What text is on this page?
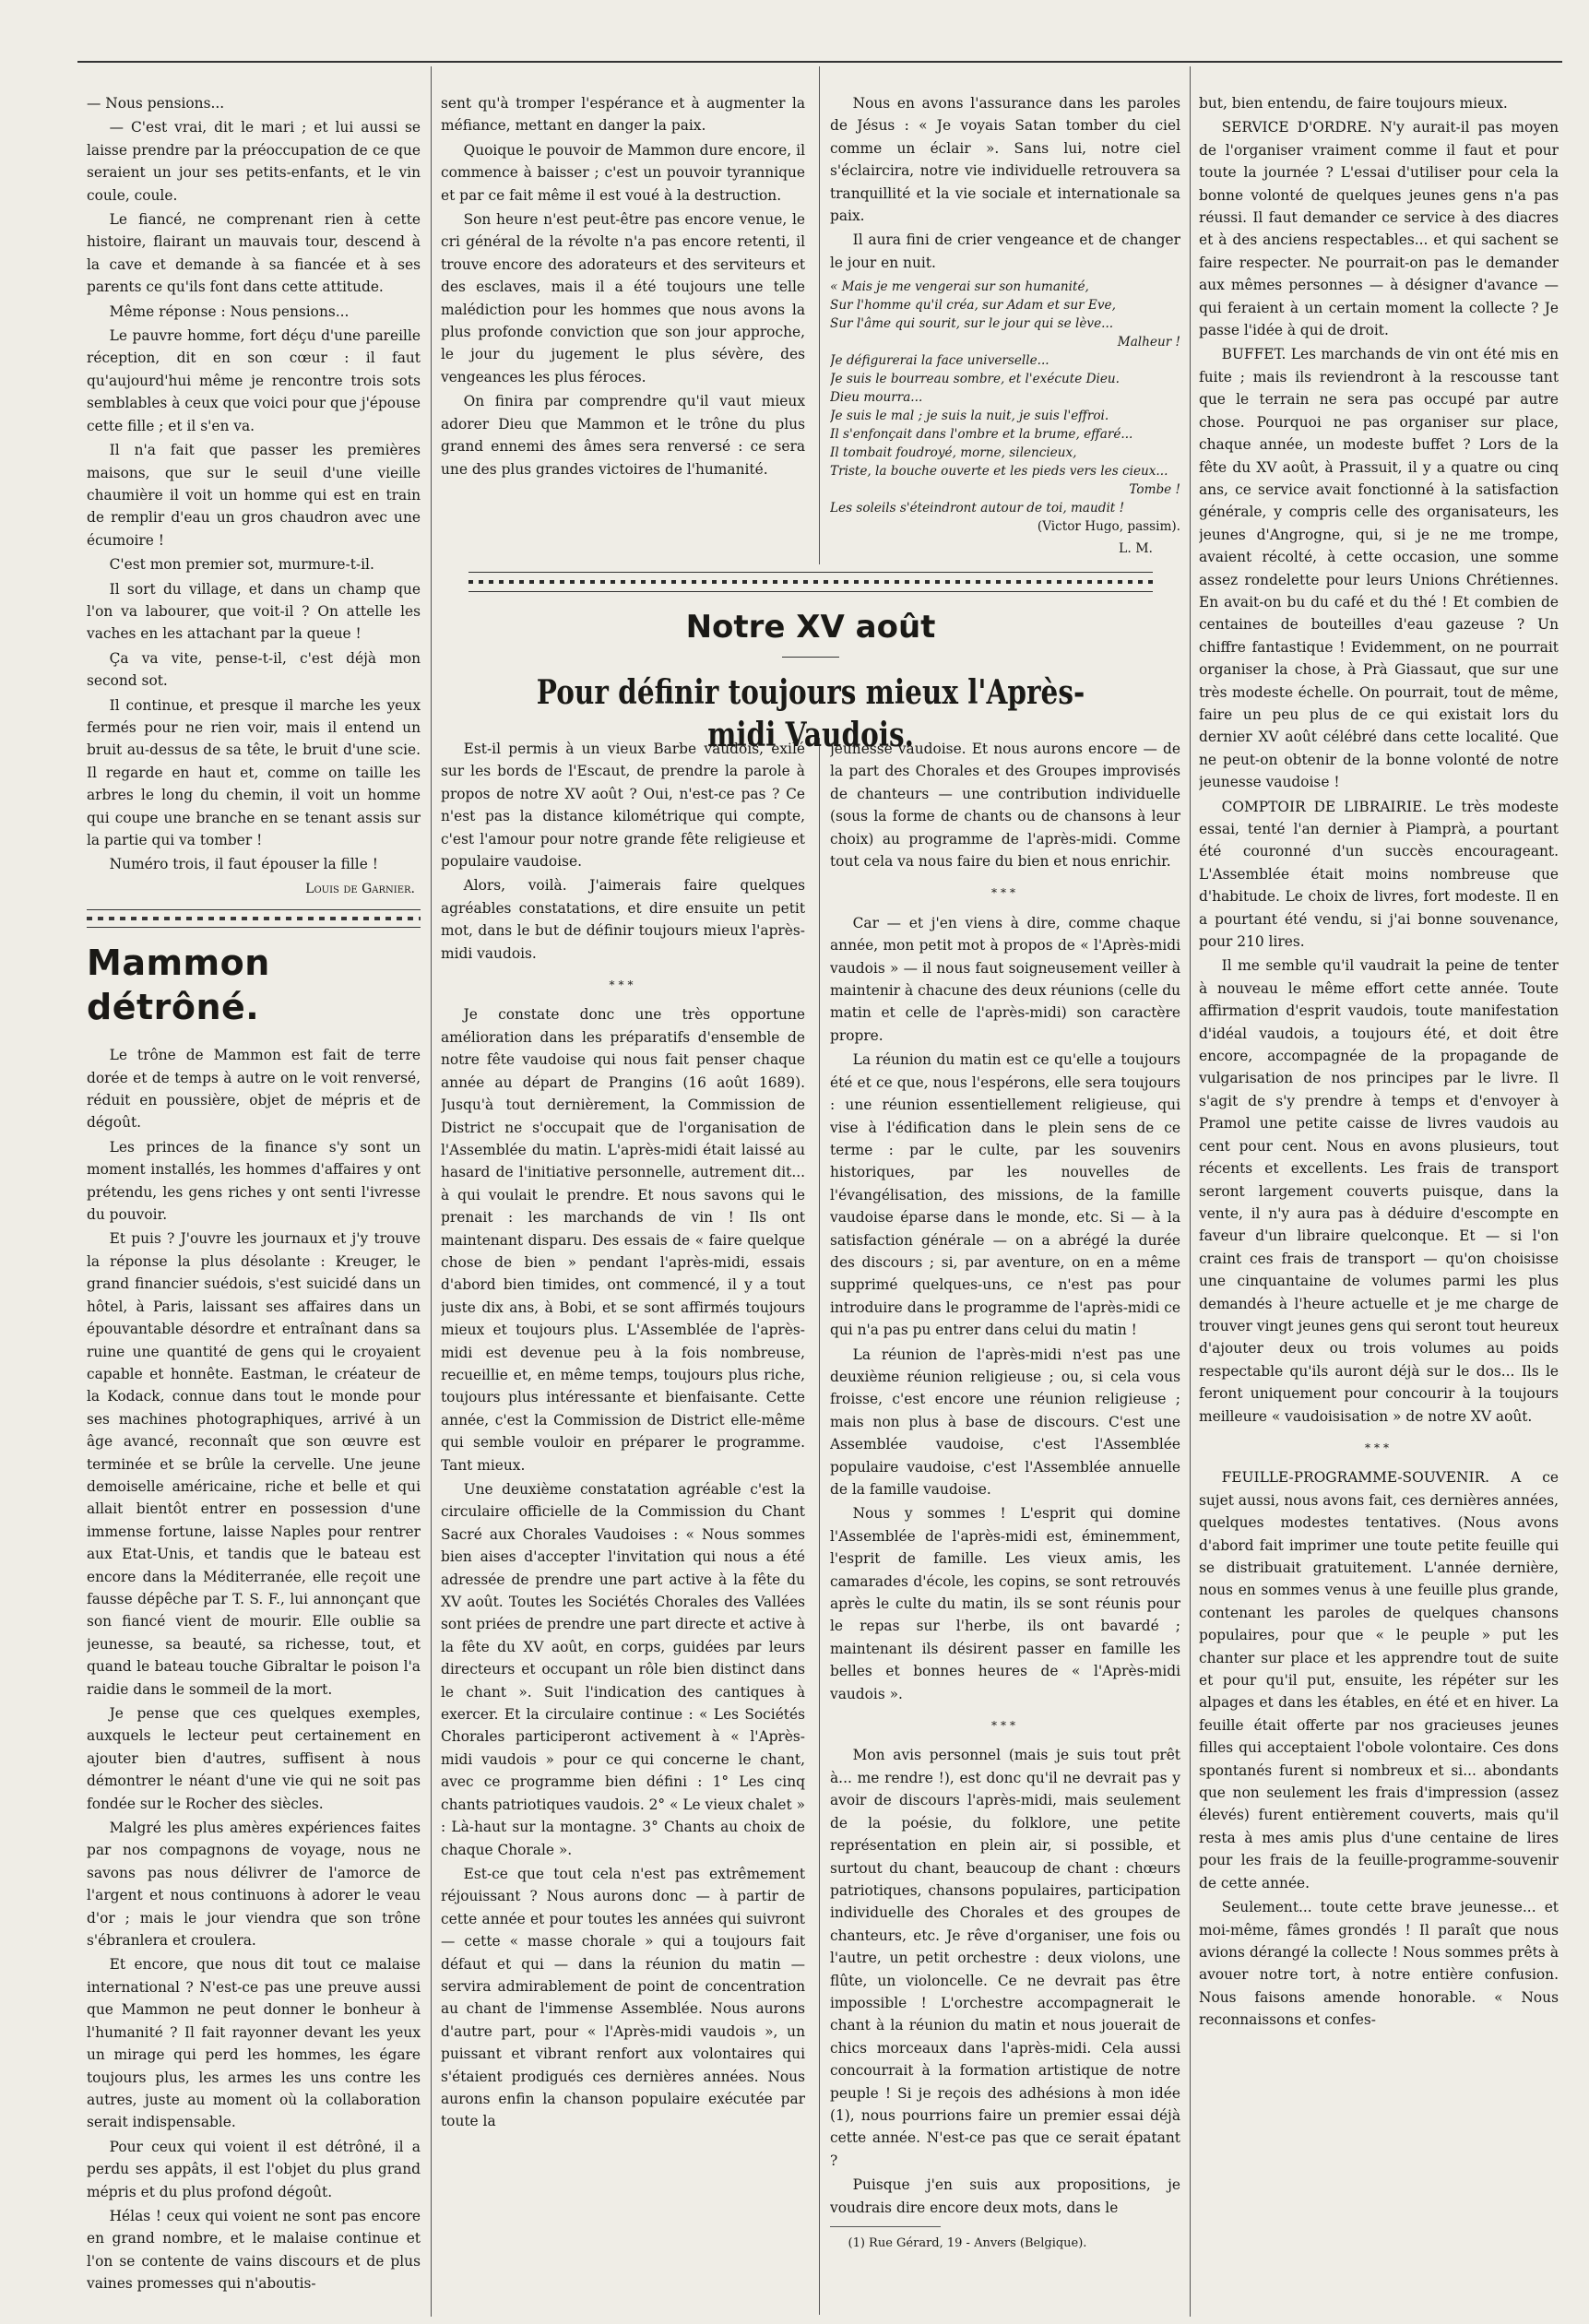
— Nous pensions...

— C'est vrai, dit le mari ; et lui aussi se laisse prendre par la préoccupation de ce que seraient un jour ses petits-enfants, et le vin coule, coule.

Le fiancé, ne comprenant rien à cette histoire, flairant un mauvais tour, descend à la cave et demande à sa fiancée et à ses parents ce qu'ils font dans cette attitude.

Même réponse : Nous pensions...

Le pauvre homme, fort déçu d'une pareille réception, dit en son cœur : il faut qu'aujourd'hui même je rencontre trois sots semblables à ceux que voici pour que j'épouse cette fille ; et il s'en va.

Il n'a fait que passer les premières maisons, que sur le seuil d'une vieille chaumière il voit un homme qui est en train de remplir d'eau un gros chaudron avec une écumoire !

C'est mon premier sot, murmure-t-il.

Il sort du village, et dans un champ que l'on va labourer, que voit-il ? On attelle les vaches en les attachant par la queue !

Ça va vite, pense-t-il, c'est déjà mon second sot.

Il continue, et presque il marche les yeux fermés pour ne rien voir, mais il entend un bruit au-dessus de sa tête, le bruit d'une scie. Il regarde en haut et, comme on taille les arbres le long du chemin, il voit un homme qui coupe une branche en se tenant assis sur la partie qui va tomber !

Numéro trois, il faut épouser la fille !

Louis de Garnier.
Mammon détrôné.

Le trône de Mammon est fait de terre dorée et de temps à autre on le voit renversé, réduit en poussière, objet de mépris et de dégoût.

Les princes de la finance s'y sont un moment installés, les hommes d'affaires y ont prétendu, les gens riches y ont senti l'ivresse du pouvoir.

Et puis ? J'ouvre les journaux et j'y trouve la réponse la plus désolante : Kreuger, le grand financier suédois, s'est suicidé dans un hôtel, à Paris, laissant ses affaires dans un épouvantable désordre et entraînant dans sa ruine une quantité de gens qui le croyaient capable et honnête. Eastman, le créateur de la Kodack, connue dans tout le monde pour ses machines photographiques, arrivé à un âge avancé, reconnaît que son œuvre est terminée et se brûle la cervelle. Une jeune demoiselle américaine, riche et belle et qui allait bientôt entrer en possession d'une immense fortune, laisse Naples pour rentrer aux Etat-Unis, et tandis que le bateau est encore dans la Méditerranée, elle reçoit une fausse dépêche par T. S. F., lui annonçant que son fiancé vient de mourir. Elle oublie sa jeunesse, sa beauté, sa richesse, tout, et quand le bateau touche Gibraltar le poison l'a raidie dans le sommeil de la mort.

Je pense que ces quelques exemples, auxquels le lecteur peut certainement en ajouter bien d'autres, suffisent à nous démontrer le néant d'une vie qui ne soit pas fondée sur le Rocher des siècles.

Malgré les plus amères expériences faites par nos compagnons de voyage, nous ne savons pas nous délivrer de l'amorce de l'argent et nous continuons à adorer le veau d'or ; mais le jour viendra que son trône s'ébranlera et croulera.

Et encore, que nous dit tout ce malaise international ? N'est-ce pas une preuve aussi que Mammon ne peut donner le bonheur à l'humanité ? Il fait rayonner devant les yeux un mirage qui perd les hommes, les égare toujours plus, les armes les uns contre les autres, juste au moment où la collaboration serait indispensable.

Pour ceux qui voient il est détrôné, il a perdu ses appâts, il est l'objet du plus grand mépris et du plus profond dégoût.

Hélas ! ceux qui voient ne sont pas encore en grand nombre, et le malaise continue et l'on se contente de vains discours et de plus vaines promesses qui n'aboutis-

sent qu'à tromper l'espérance et à augmenter la méfiance, mettant en danger la paix.

Quoique le pouvoir de Mammon dure encore, il commence à baisser ; c'est un pouvoir tyrannique et par ce fait même il est voué à la destruction.

Son heure n'est peut-être pas encore venue, le cri général de la révolte n'a pas encore retenti, il trouve encore des adorateurs et des serviteurs et des esclaves, mais il a été toujours une telle malédiction pour les hommes que nous avons la plus profonde conviction que son jour approche, le jour du jugement le plus sévère, des vengeances les plus féroces.

On finira par comprendre qu'il vaut mieux adorer Dieu que Mammon et le trône du plus grand ennemi des âmes sera renversé : ce sera une des plus grandes victoires de l'humanité.

Nous en avons l'assurance dans les paroles de Jésus : « Je voyais Satan tomber du ciel comme un éclair ». Sans lui, notre ciel s'éclaircira, notre vie individuelle retrouvera sa tranquillité et la vie sociale et internationale sa paix.

Il aura fini de crier vengeance et de changer le jour en nuit.

« Mais je me vengerai sur son humanité,
Sur l'homme qu'il créa, sur Adam et sur Eve,
Sur l'âme qui sourit, sur le jour qui se lève...
Malheur !
Je défigurerai la face universelle...
Je suis le bourreau sombre, et l'exécute Dieu.
Dieu mourra...
Je suis le mal ; je suis la nuit, je suis l'effroi.
Il s'enfonçait dans l'ombre et la brume, effaré...
Il tombait foudroyé, morne, silencieux,
Triste, la bouche ouverte et les pieds vers les cieux...
Tombe !
Les soleils s'éteindront autour de toi, maudit !
(Victor Hugo, passim).
L. M.
Notre XV août
Pour définir toujours mieux l'Après-midi Vaudois.

Est-il permis à un vieux Barbe vaudois, exilé sur les bords de l'Escaut, de prendre la parole à propos de notre XV août ? Oui, n'est-ce pas ? Ce n'est pas la distance kilométrique qui compte, c'est l'amour pour notre grande fête religieuse et populaire vaudoise.

Alors, voilà. J'aimerais faire quelques agréables constatations, et dire ensuite un petit mot, dans le but de définir toujours mieux l'après-midi vaudois.

***

Je constate donc une très opportune amélioration dans les préparatifs d'ensemble de notre fête vaudoise qui nous fait penser chaque année au départ de Prangins (16 août 1689). Jusqu'à tout dernièrement, la Commission de District ne s'occupait que de l'organisation de l'Assemblée du matin. L'après-midi était laissé au hasard de l'initiative personnelle, autrement dit... à qui voulait le prendre. Et nous savons qui le prenait : les marchands de vin ! Ils ont maintenant disparu. Des essais de « faire quelque chose de bien » pendant l'après-midi, essais d'abord bien timides, ont commencé, il y a tout juste dix ans, à Bobi, et se sont affirmés toujours mieux et toujours plus. L'Assemblée de l'après-midi est devenue peu à la fois nombreuse, recueillie et, en même temps, toujours plus riche, toujours plus intéressante et bienfaisante. Cette année, c'est la Commission de District elle-même qui semble vouloir en préparer le programme. Tant mieux.

Une deuxième constatation agréable c'est la circulaire officielle de la Commission du Chant Sacré aux Chorales Vaudoises : « Nous sommes bien aises d'accepter l'invitation qui nous a été adressée de prendre une part active à la fête du XV août. Toutes les Sociétés Chorales des Vallées sont priées de prendre une part directe et active à la fête du XV août, en corps, guidées par leurs directeurs et occupant un rôle bien distinct dans le chant ». Suit l'indication des cantiques à exercer. Et la circulaire continue : « Les Sociétés Chorales participeront activement à « l'Après-midi vaudois » pour ce qui concerne le chant, avec ce programme bien défini : 1° Les cinq chants patriotiques vaudois. 2° « Le vieux chalet » : Là-haut sur la montagne. 3° Chants au choix de chaque Chorale ».

Est-ce que tout cela n'est pas extrêmement réjouissant ? Nous aurons donc — à partir de cette année et pour toutes les années qui suivront — cette « masse chorale » qui a toujours fait défaut et qui — dans la réunion du matin — servira admirablement de point de concentration au chant de l'immense Assemblée. Nous aurons d'autre part, pour « l'Après-midi vaudois », un puissant et vibrant renfort aux volontaires qui s'étaient prodigués ces dernières années. Nous aurons enfin la chanson populaire exécutée par toute la

jeunesse vaudoise. Et nous aurons encore — de la part des Chorales et des Groupes improvisés de chanteurs — une contribution individuelle (sous la forme de chants ou de chansons à leur choix) au programme de l'après-midi. Comme tout cela va nous faire du bien et nous enrichir.

***

Car — et j'en viens à dire, comme chaque année, mon petit mot à propos de « l'Après-midi vaudois » — il nous faut soigneusement veiller à maintenir à chacune des deux réunions (celle du matin et celle de l'après-midi) son caractère propre.

La réunion du matin est ce qu'elle a toujours été et ce que, nous l'espérons, elle sera toujours : une réunion essentiellement religieuse, qui vise à l'édification dans le plein sens de ce terme : par le culte, par les souvenirs historiques, par les nouvelles de l'évangélisation, des missions, de la famille vaudoise éparse dans le monde, etc. Si — à la satisfaction générale — on a abrégé la durée des discours ; si, par aventure, on en a même supprimé quelques-uns, ce n'est pas pour introduire dans le programme de l'après-midi ce qui n'a pas pu entrer dans celui du matin !

La réunion de l'après-midi n'est pas une deuxième réunion religieuse ; ou, si cela vous froisse, c'est encore une réunion religieuse ; mais non plus à base de discours. C'est une Assemblée vaudoise, c'est l'Assemblée populaire vaudoise, c'est l'Assemblée annuelle de la famille vaudoise.

Nous y sommes ! L'esprit qui domine l'Assemblée de l'après-midi est, éminemment, l'esprit de famille. Les vieux amis, les camarades d'école, les copins, se sont retrouvés après le culte du matin, ils se sont réunis pour le repas sur l'herbe, ils ont bavardé ; maintenant ils désirent passer en famille les belles et bonnes heures de « l'Après-midi vaudois ».

***

Mon avis personnel (mais je suis tout prêt à... me rendre !), est donc qu'il ne devrait pas y avoir de discours l'après-midi, mais seulement de la poésie, du folklore, une petite représentation en plein air, si possible, et surtout du chant, beaucoup de chant : chœurs patriotiques, chansons populaires, participation individuelle des Chorales et des groupes de chanteurs, etc. Je rêve d'organiser, une fois ou l'autre, un petit orchestre : deux violons, une flûte, un violoncelle. Ce ne devrait pas être impossible ! L'orchestre accompagnerait le chant à la réunion du matin et nous jouerait de chics morceaux dans l'après-midi. Cela aussi concourrait à la formation artistique de notre peuple ! Si je reçois des adhésions à mon idée (1), nous pourrions faire un premier essai déjà cette année. N'est-ce pas que ce serait épatant ?

Puisque j'en suis aux propositions, je voudrais dire encore deux mots, dans le

(1) Rue Gérard, 19 - Anvers (Belgique).

but, bien entendu, de faire toujours mieux.

SERVICE D'ORDRE. N'y aurait-il pas moyen de l'organiser vraiment comme il faut et pour toute la journée ? L'essai d'utiliser pour cela la bonne volonté de quelques jeunes gens n'a pas réussi. Il faut demander ce service à des diacres et à des anciens respectables... et qui sachent se faire respecter. Ne pourrait-on pas le demander aux mêmes personnes — à désigner d'avance — qui feraient à un certain moment la collecte ? Je passe l'idée à qui de droit.

BUFFET. Les marchands de vin ont été mis en fuite ; mais ils reviendront à la rescousse tant que le terrain ne sera pas occupé par autre chose. Pourquoi ne pas organiser sur place, chaque année, un modeste buffet ? Lors de la fête du XV août, à Prassuit, il y a quatre ou cinq ans, ce service avait fonctionné à la satisfaction générale, y compris celle des organisateurs, les jeunes d'Angrogne, qui, si je ne me trompe, avaient récolté, à cette occasion, une somme assez rondelette pour leurs Unions Chrétiennes. En avait-on bu du café et du thé ! Et combien de centaines de bouteilles d'eau gazeuse ? Un chiffre fantastique ! Evidemment, on ne pourrait organiser la chose, à Prà Giassaut, que sur une très modeste échelle. On pourrait, tout de même, faire un peu plus de ce qui existait lors du dernier XV août célébré dans cette localité. Que ne peut-on obtenir de la bonne volonté de notre jeunesse vaudoise !

COMPTOIR DE LIBRAIRIE. Le très modeste essai, tenté l'an dernier à Piamprà, a pourtant été couronné d'un succès encourageant. L'Assemblée était moins nombreuse que d'habitude. Le choix de livres, fort modeste. Il en a pourtant été vendu, si j'ai bonne souvenance, pour 210 lires.

Il me semble qu'il vaudrait la peine de tenter à nouveau le même effort cette année. Toute affirmation d'esprit vaudois, toute manifestation d'idéal vaudois, a toujours été, et doit être encore, accompagnée de la propagande de vulgarisation de nos principes par le livre. Il s'agit de s'y prendre à temps et d'envoyer à Pramol une petite caisse de livres vaudois au cent pour cent. Nous en avons plusieurs, tout récents et excellents. Les frais de transport seront largement couverts puisque, dans la vente, il n'y aura pas à déduire d'escompte en faveur d'un libraire quelconque. Et — si l'on craint ces frais de transport — qu'on choisisse une cinquantaine de volumes parmi les plus demandés à l'heure actuelle et je me charge de trouver vingt jeunes gens qui seront tout heureux d'ajouter deux ou trois volumes au poids respectable qu'ils auront déjà sur le dos... Ils le feront uniquement pour concourir à la toujours meilleure « vaudoisisation » de notre XV août.

***

FEUILLE-PROGRAMME-SOUVENIR. A ce sujet aussi, nous avons fait, ces dernières années, quelques modestes tentatives. (Nous avons d'abord fait imprimer une toute petite feuille qui se distribuait gratuitement. L'année dernière, nous en sommes venus à une feuille plus grande, contenant les paroles de quelques chansons populaires, pour que « le peuple » put les chanter sur place et les apprendre tout de suite et pour qu'il put, ensuite, les répéter sur les alpages et dans les étables, en été et en hiver. La feuille était offerte par nos gracieuses jeunes filles qui acceptaient l'obole volontaire. Ces dons spontanés furent si nombreux et si... abondants que non seulement les frais d'impression (assez élevés) furent entièrement couverts, mais qu'il resta à mes amis plus d'une centaine de lires pour les frais de la feuille-programme-souvenir de cette année.

Seulement... toute cette brave jeunesse... et moi-même, fâmes grondés ! Il paraît que nous avions dérangé la collecte ! Nous sommes prêts à avouer notre tort, à notre entière confusion. Nous faisons amende honorable. « Nous reconnaissons et confes-
